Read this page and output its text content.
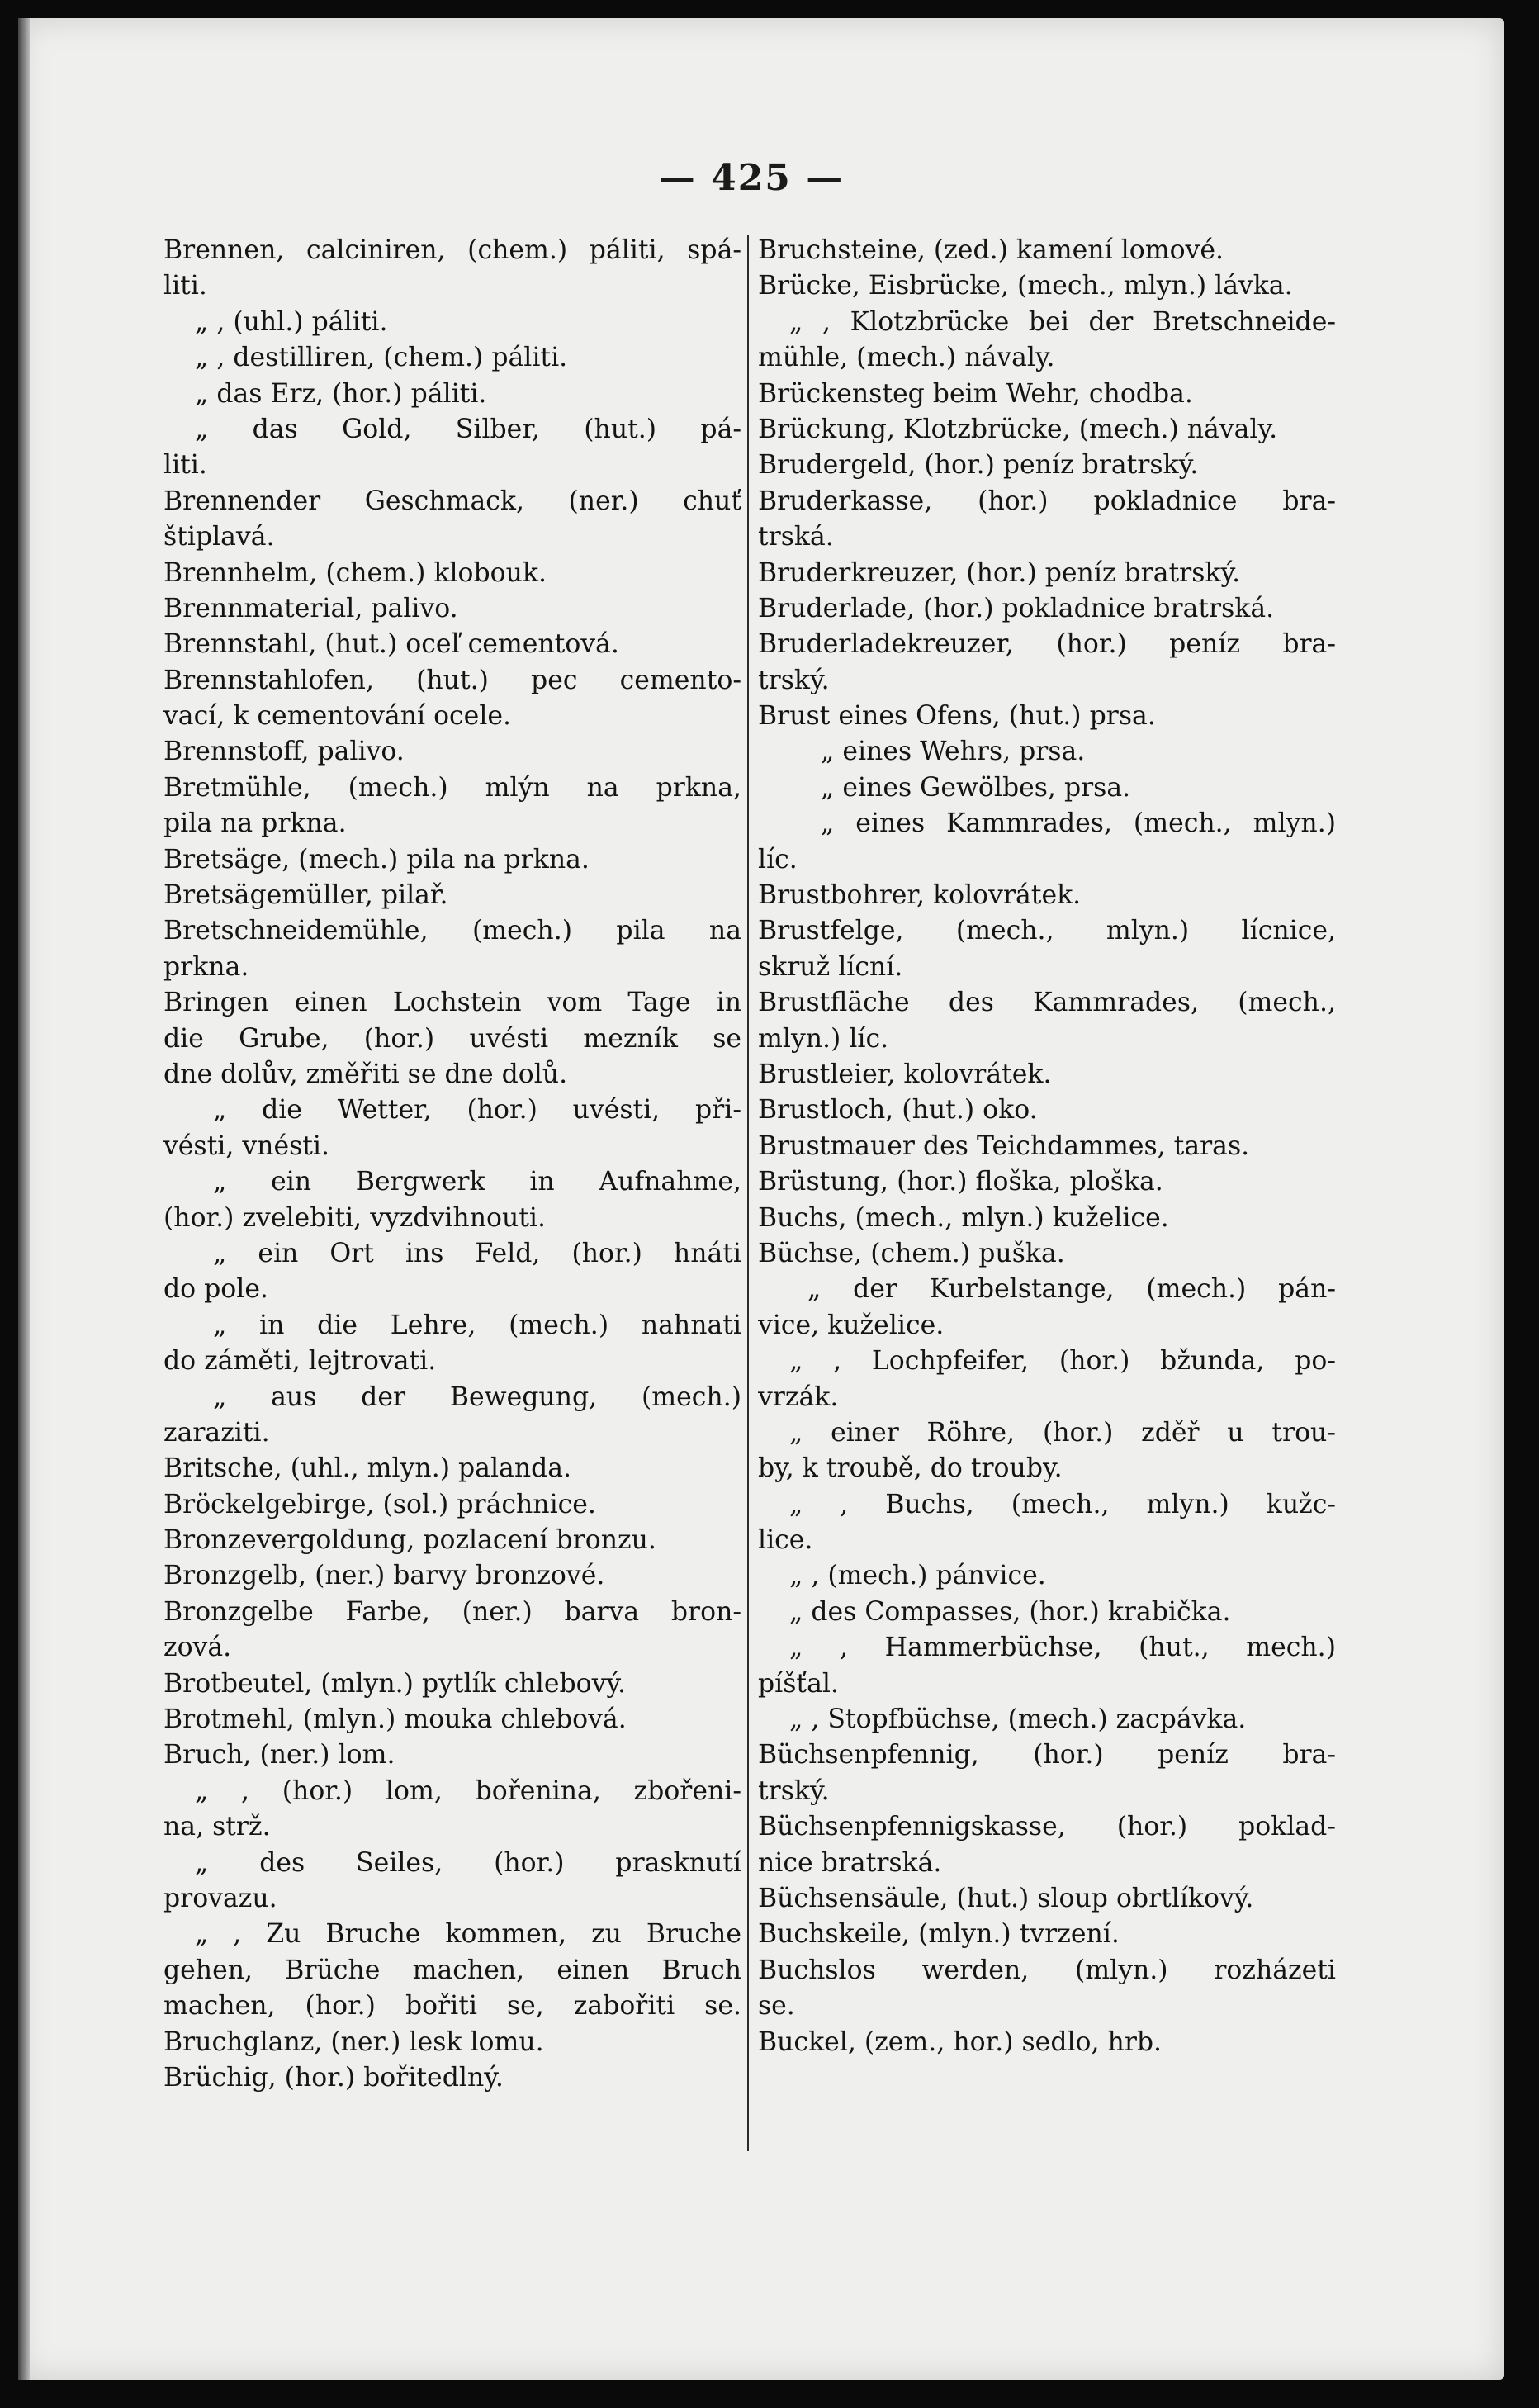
— 425 —
Brennen, calciniren, (chem.) páliti, spá-
liti.
„ , (uhl.) páliti.
„ , destilliren, (chem.) páliti.
„ das Erz, (hor.) páliti.
„ das Gold, Silber, (hut.) pá-
liti.
Brennender Geschmack, (ner.) chuť
štiplavá.
Brennhelm, (chem.) klobouk.
Brennmaterial, palivo.
Brennstahl, (hut.) oceľ cementová.
Brennstahlofen, (hut.) pec cemento-
vací, k cementování ocele.
Brennstoff, palivo.
Bretmühle, (mech.) mlýn na prkna,
pila na prkna.
Bretsäge, (mech.) pila na prkna.
Bretsägemüller, pilař.
Bretschneidemühle, (mech.) pila na
prkna.
Bringen einen Lochstein vom Tage in
die Grube, (hor.) uvésti mezník se
dne dolův, změřiti se dne dolů.
„ die Wetter, (hor.) uvésti, při-
vésti, vnésti.
„ ein Bergwerk in Aufnahme,
(hor.) zvelebiti, vyzdvihnouti.
„ ein Ort ins Feld, (hor.) hnáti
do pole.
„ in die Lehre, (mech.) nahnati
do záměti, lejtrovati.
„ aus der Bewegung, (mech.)
zaraziti.
Britsche, (uhl., mlyn.) palanda.
Bröckelgebirge, (sol.) práchnice.
Bronzevergoldung, pozlacení bronzu.
Bronzgelb, (ner.) barvy bronzové.
Bronzgelbe Farbe, (ner.) barva bron-
zová.
Brotbeutel, (mlyn.) pytlík chlebový.
Brotmehl, (mlyn.) mouka chlebová.
Bruch, (ner.) lom.
„ , (hor.) lom, bořenina, zbořeni-
na, strž.
„ des Seiles, (hor.) prasknutí
provazu.
„ , Zu Bruche kommen, zu Bruche
gehen, Brüche machen, einen Bruch
machen, (hor.) bořiti se, zabořiti se.
Bruchglanz, (ner.) lesk lomu.
Brüchig, (hor.) bořitedlný.
Bruchsteine, (zed.) kamení lomové.
Brücke, Eisbrücke, (mech., mlyn.) lávka.
„ , Klotzbrücke bei der Bretschneide-
mühle, (mech.) návaly.
Brückensteg beim Wehr, chodba.
Brückung, Klotzbrücke, (mech.) návaly.
Brudergeld, (hor.) peníz bratrský.
Bruderkasse, (hor.) pokladnice bra-
trská.
Bruderkreuzer, (hor.) peníz bratrský.
Bruderlade, (hor.) pokladnice bratrská.
Bruderladekreuzer, (hor.) peníz bra-
trský.
Brust eines Ofens, (hut.) prsa.
„ eines Wehrs, prsa.
„ eines Gewölbes, prsa.
„ eines Kammrades, (mech., mlyn.)
líc.
Brustbohrer, kolovrátek.
Brustfelge, (mech., mlyn.) lícnice,
skruž lícní.
Brustfläche des Kammrades, (mech.,
mlyn.) líc.
Brustleier, kolovrátek.
Brustloch, (hut.) oko.
Brustmauer des Teichdammes, taras.
Brüstung, (hor.) floška, ploška.
Buchs, (mech., mlyn.) kuželice.
Büchse, (chem.) puška.
„ der Kurbelstange, (mech.) pán-
vice, kuželice.
„ , Lochpfeifer, (hor.) bžunda, po-
vrzák.
„ einer Röhre, (hor.) zděř u trou-
by, k troubě, do trouby.
„ , Buchs, (mech., mlyn.) kužc-
lice.
„ , (mech.) pánvice.
„ des Compasses, (hor.) krabička.
„ , Hammerbüchse, (hut., mech.)
píšťal.
„ , Stopfbüchse, (mech.) zacpávka.
Büchsenpfennig, (hor.) peníz bra-
trský.
Büchsenpfennigskasse, (hor.) poklad-
nice bratrská.
Büchsensäule, (hut.) sloup obrtlíkový.
Buchskeile, (mlyn.) tvrzení.
Buchslos werden, (mlyn.) rozházeti
se.
Buckel, (zem., hor.) sedlo, hrb.
